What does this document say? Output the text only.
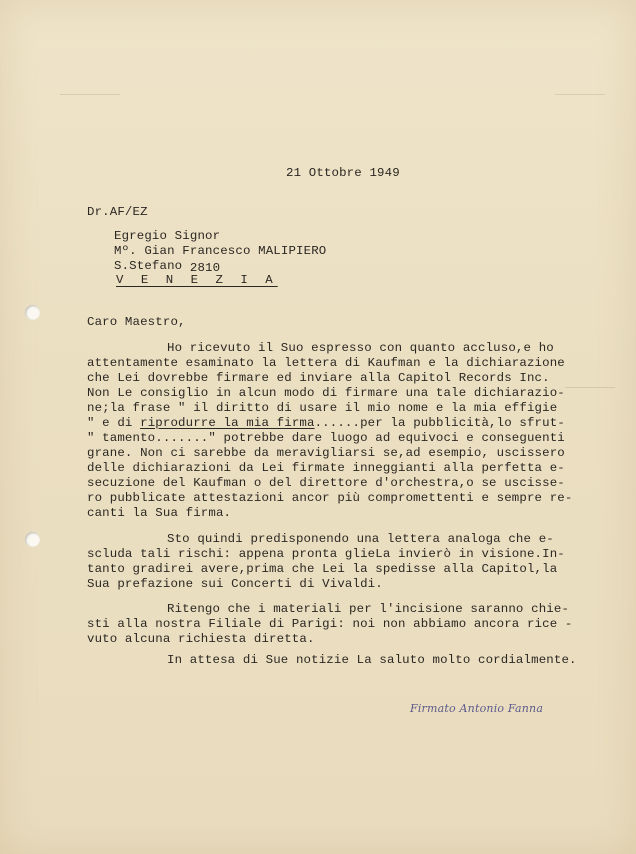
21 Ottobre 1949
Dr.AF/EZ
Egregio Signor
Mº. Gian Francesco MALIPIERO
S.Stefano 2810
V E N E Z I A
Caro Maestro,
Ho ricevuto il Suo espresso con quanto accluso,e ho
attentamente esaminato la lettera di Kaufman e la dichiarazione
che Lei dovrebbe firmare ed inviare alla Capitol Records Inc.
Non Le consiglio in alcun modo di firmare una tale dichiarazio-
ne;la frase " il diritto di usare il mio nome e la mia effigie
" e di riprodurre la mia firma......per la pubblicità,lo sfrut-
" tamento......." potrebbe dare luogo ad equivoci e conseguenti
grane. Non ci sarebbe da meravigliarsi se,ad esempio, uscissero
delle dichiarazioni da Lei firmate inneggianti alla perfetta e-
secuzione del Kaufman o del direttore d'orchestra,o se uscisse-
ro pubblicate attestazioni ancor più compromettenti e sempre re-
canti la Sua firma.
Sto quindi predisponendo una lettera analoga che e-
scluda tali rischi: appena pronta glieLa invierò in visione.In-
tanto gradirei avere,prima che Lei la spedisse alla Capitol,la
Sua prefazione sui Concerti di Vivaldi.
Ritengo che i materiali per l'incisione saranno chie-
sti alla nostra Filiale di Parigi: noi non abbiamo ancora rice -
vuto alcuna richiesta diretta.
In attesa di Sue notizie La saluto molto cordialmente.
Firmato Antonio Fanna
